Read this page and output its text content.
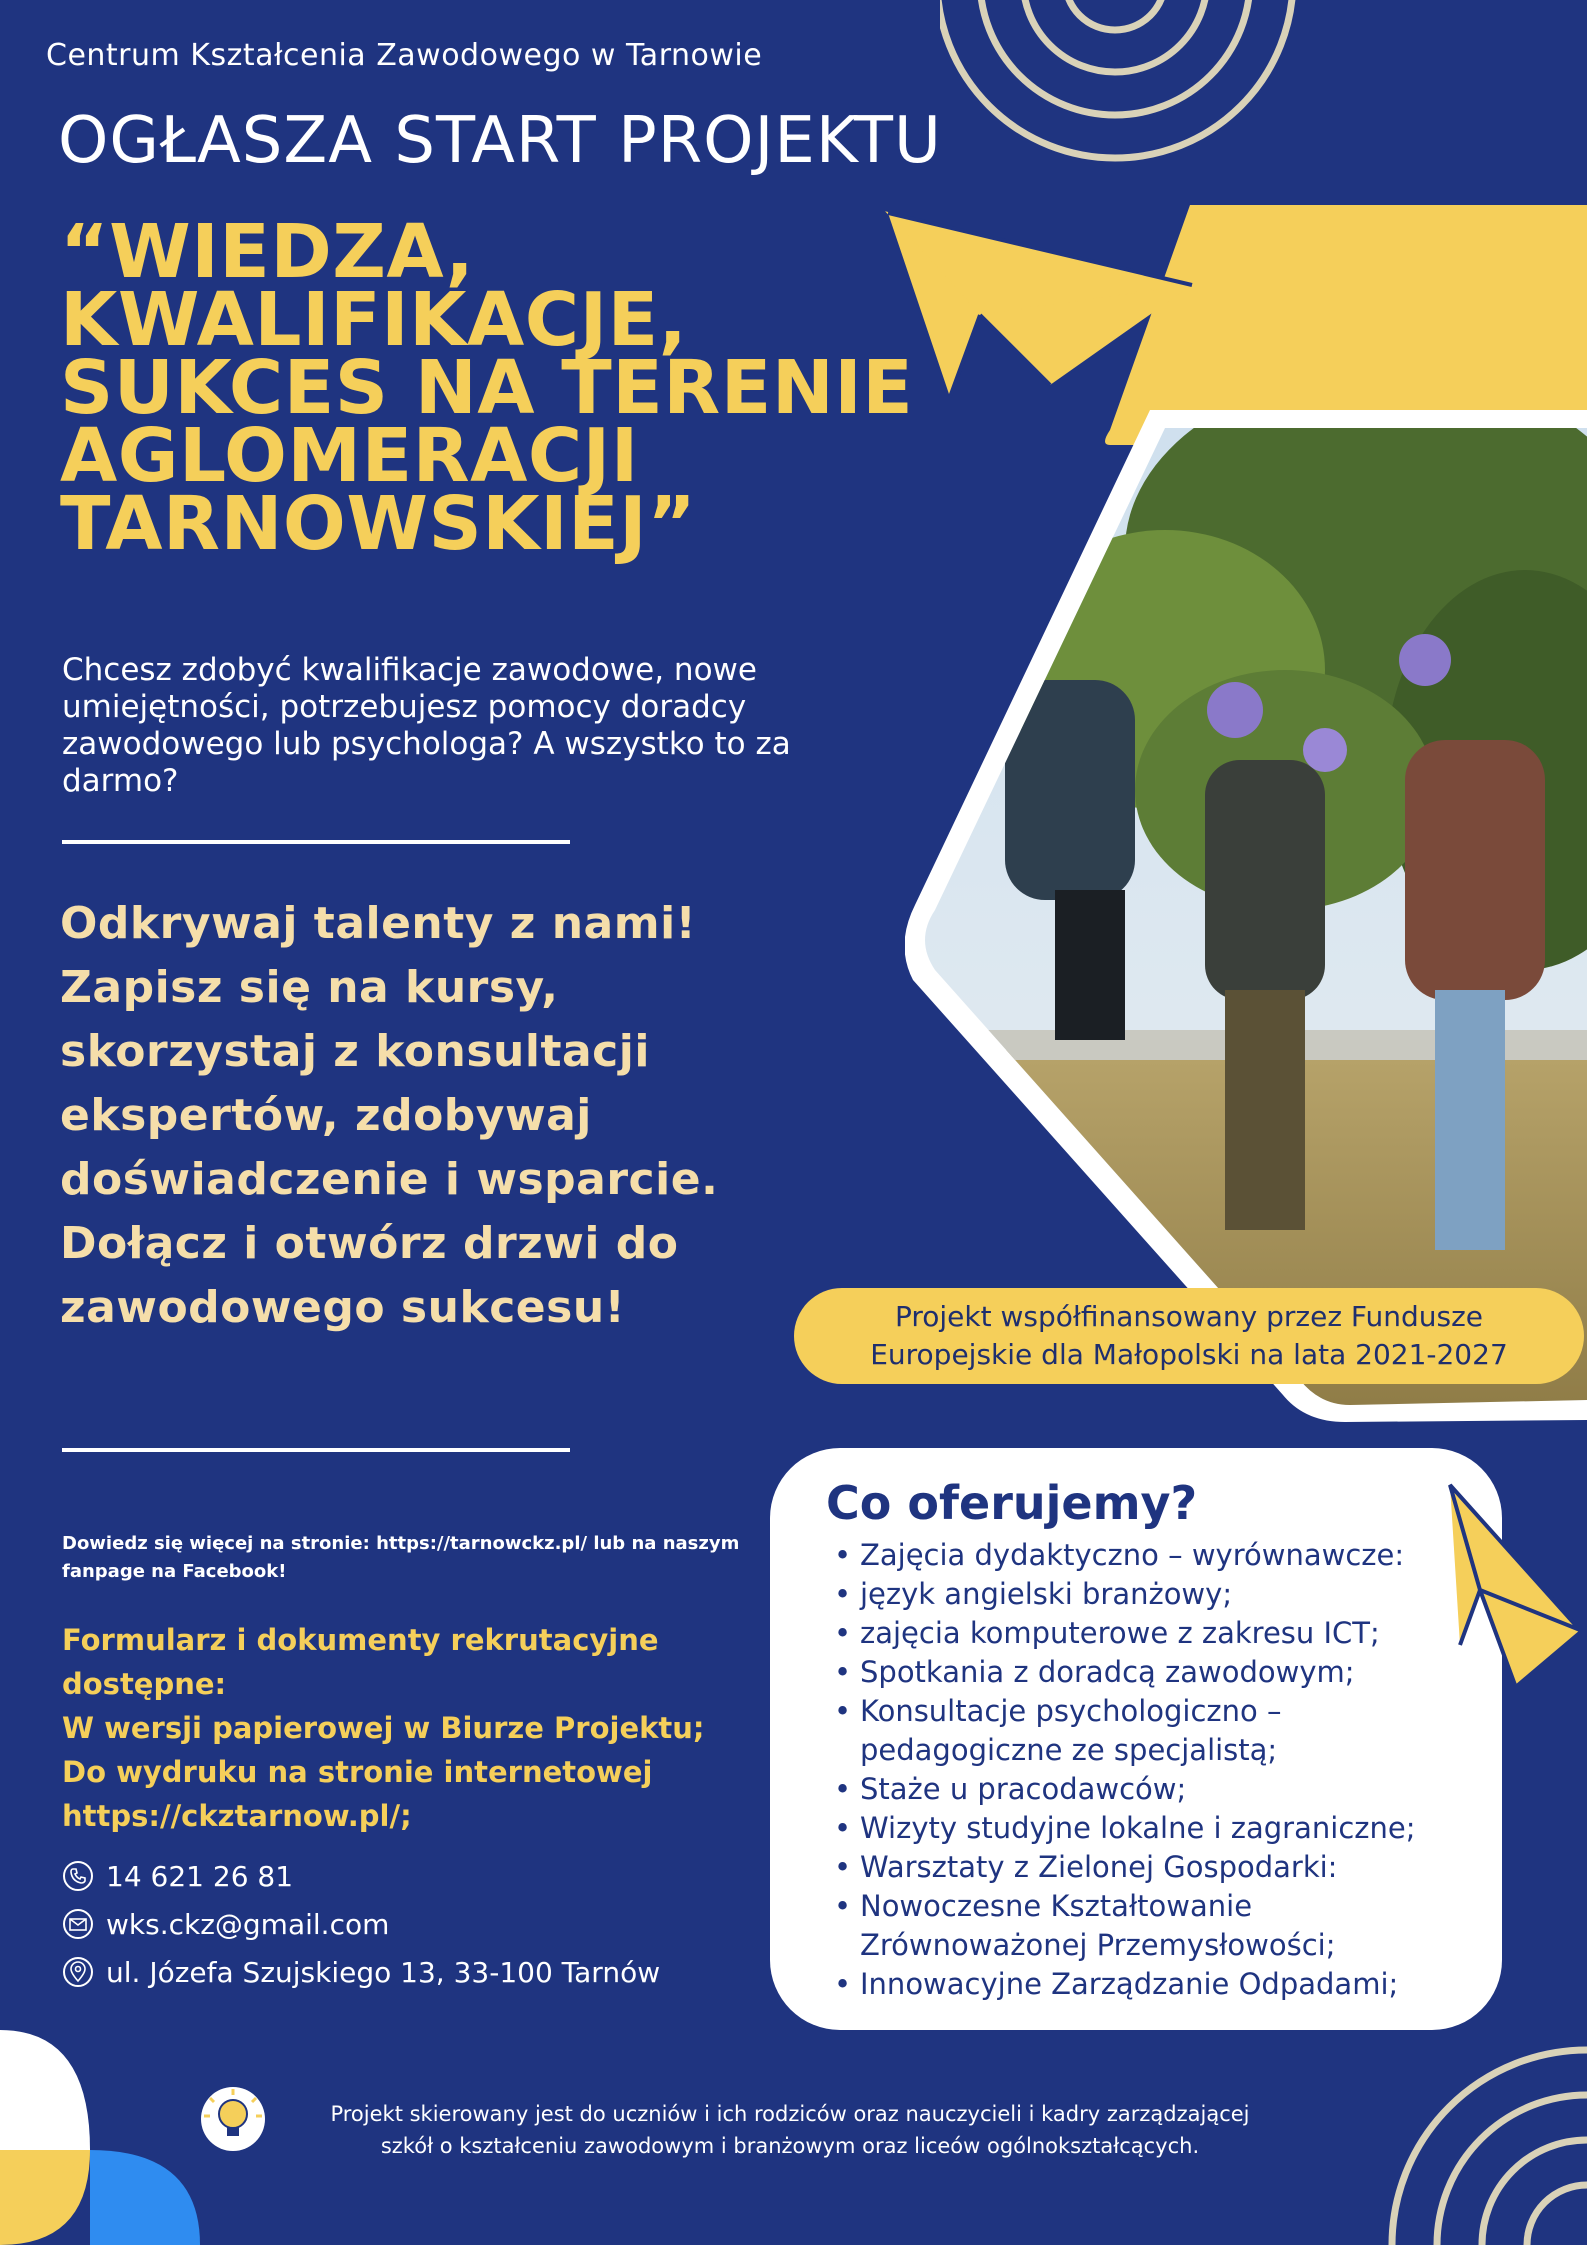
Centrum Kształcenia Zawodowego w Tarnowie
OGŁASZA START PROJEKTU
“WIEDZA,
KWALIFIKACJE,
SUKCES NA TERENIE
AGLOMERACJI
TARNOWSKIEJ”
Chcesz zdobyć kwalifikacje zawodowe, nowe umiejętności, potrzebujesz pomocy doradcy zawodowego lub psychologa? A wszystko to za darmo?
Odkrywaj talenty z nami! Zapisz się na kursy, skorzystaj z konsultacji ekspertów, zdobywaj doświadczenie i wsparcie. Dołącz i otwórz drzwi do zawodowego sukcesu!
Dowiedz się więcej na stronie: https://tarnowckz.pl/ lub na naszym fanpage na Facebook!
Formularz i dokumenty rekrutacyjne
dostępne:
W wersji papierowej w Biurze Projektu;
Do wydruku na stronie internetowej
https://ckztarnow.pl/;
14 621 26 81
wks.ckz@gmail.com
ul. Józefa Szujskiego 13, 33-100 Tarnów
Projekt współfinansowany przez Fundusze
Europejskie dla Małopolski na lata 2021-2027
Co oferujemy?
• Zajęcia dydaktyczno – wyrównawcze:
• język angielski branżowy;
• zajęcia komputerowe z zakresu ICT;
• Spotkania z doradcą zawodowym;
• Konsultacje psychologiczno – pedagogiczne ze specjalistą;
• Staże u pracodawców;
• Wizyty studyjne lokalne i zagraniczne;
• Warsztaty z Zielonej Gospodarki:
• Nowoczesne Kształtowanie Zrównoważonej Przemysłowości;
• Innowacyjne Zarządzanie Odpadami;
Projekt skierowany jest do uczniów i ich rodziców oraz nauczycieli i kadry zarządzającej
szkół o kształceniu zawodowym i branżowym oraz liceów ogólnokształcących.
